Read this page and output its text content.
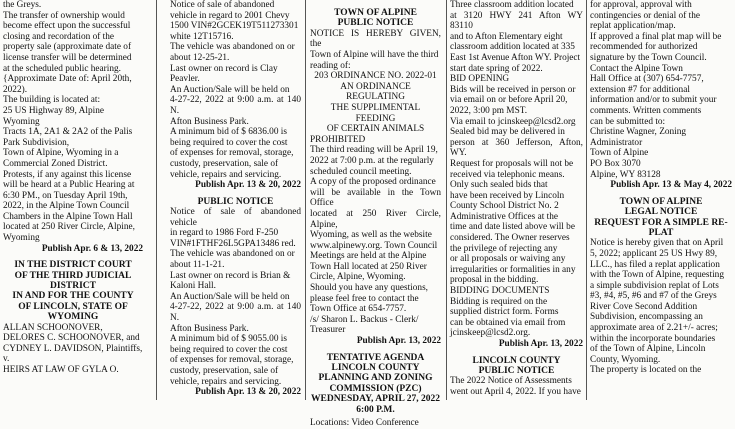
the Greys.
The transfer of ownership would
become effect upon the successful
closing and recordation of the
property sale (approximate date of
license transfer will be determined
at the scheduled public hearing.
{Approximate Date of: April 20th,
2022).
The building is located at:
25 US Highway 89, Alpine
Wyoming
Tracts 1A, 2A1 & 2A2 of the Palis
Park Subdivision,
Town of Alpine, Wyoming in a
Commercial Zoned District.
Protests, if any against this license
will be heard at a Public Hearing at
6:30 PM., on Tuesday April 19th,
2022, in the Alpine Town Council
Chambers in the Alpine Town Hall
located at 250 River Circle, Alpine,
Wyoming
Publish Apr. 6 & 13, 2022
IN THE DISTRICT COURT
OF THE THIRD JUDICIAL
DISTRICT
IN AND FOR THE COUNTY
OF LINCOLN, STATE OF
WYOMING
ALLAN SCHOONOVER,
DELORES C. SCHOONOVER, and
CYDNEY L. DAVIDSON, Plaintiffs,
v.
HEIRS AT LAW OF GYLA O.
Notice of sale of abandoned
vehicle in regard to 2001 Chevy
1500 VIN#2GCEK19T511273301
white 12T15716.
The vehicle was abandoned on or
about 12-25-21.
Last owner on record is Clay
Peavler.
An Auction/Sale will be held on
4-27-22, 2022 at 9:00 a.m. at 140 N.
Afton Business Park.
A minimum bid of $ 6836.00 is
being required to cover the cost
of expenses for removal, storage,
custody, preservation, sale of
vehicle, repairs and servicing.
Publish Apr. 13 & 20, 2022
PUBLIC NOTICE
Notice of sale of abandoned vehicle
in regard to 1986 Ford F-250
VIN#1FTHF26L5GPA13486 red.
The vehicle was abandoned on or
about 11-1-21.
Last owner on record is Brian &
Kaloni Hall.
An Auction/Sale will be held on
4-27-22, 2022 at 9:00 a.m. at 140 N.
Afton Business Park.
A minimum bid of $ 9055.00 is
being required to cover the cost
of expenses for removal, storage,
custody, preservation, sale of
vehicle, repairs and servicing.
Publish Apr. 13 & 20, 2022
TOWN OF ALPINE
PUBLIC NOTICE
NOTICE IS HEREBY GIVEN, the
Town of Alpine will have the third
reading of:
203 ORDINANCE NO. 2022-01
AN ORDINANCE REGULATING
THE SUPPLIMENTAL FEEDING
OF CERTAIN ANIMALS
PROHIBITED
The third reading will be April 19,
2022 at 7:00 p.m. at the regularly
scheduled council meeting.
A copy of the proposed ordinance
will be available in the Town Office
located at 250 River Circle, Alpine,
Wyoming, as well as the website
www.alpinewy.org. Town Council
Meetings are held at the Alpine
Town Hall located at 250 River
Circle, Alpine, Wyoming.
Should you have any questions,
please feel free to contact the
Town Office at 654-7757.
/s/ Sharon L. Backus - Clerk/
Treasurer
Publish Apr. 13, 2022
TENTATIVE AGENDA
LINCOLN COUNTY
PLANNING AND ZONING
COMMISSION (PZC)
WEDNESDAY, APRIL 27, 2022
6:00 P.M.
Locations: Video Conference
Three classroom addition located
at 3120 HWY 241 Afton WY 83110
and to Afton Elementary eight
classroom addition located at 335
East 1st Avenue Afton WY. Project
start date spring of 2022.
BID OPENING
Bids will be received in person or
via email on or before April 20,
2022, 3:00 pm MST.
Via email to jcinskeep@lcsd2.org
Sealed bid may be delivered in
person at 360 Jefferson, Afton, WY.
Request for proposals will not be
received via telephonic means.
Only such sealed bids that
have been received by Lincoln
County School District No. 2
Administrative Offices at the
time and date listed above will be
considered. The Owner reserves
the privilege of rejecting any
or all proposals or waiving any
irregularities or formalities in any
proposal in the bidding.
BIDDING DOCUMENTS
Bidding is required on the
supplied district form. Forms
can be obtained via email from
jcinskeep@lcsd2.org.
Publish Apr. 13, 2022
LINCOLN COUNTY
PUBLIC NOTICE
The 2022 Notice of Assessments
went out April 4, 2022. If you have
for approval, approval with
contingencies or denial of the
replat application/map.
If approved a final plat map will be
recommended for authorized
signature by the Town Council.
Contact the Alpine Town
Hall Office at (307) 654-7757,
extension #7 for additional
information and/or to submit your
comments. Written comments
can be submitted to:
Christine Wagner, Zoning
Administrator
Town of Alpine
PO Box 3070
Alpine, WY 83128
Publish Apr. 13 & May 4, 2022
TOWN OF ALPINE
LEGAL NOTICE
REQUEST FOR A SIMPLE RE-
PLAT
Notice is hereby given that on April
5, 2022; applicant 25 US Hwy 89,
LLC., has filed a replat application
with the Town of Alpine, requesting
a simple subdivision replat of Lots
#3, #4, #5, #6 and #7 of the Greys
River Cove Second Addition
Subdivision, encompassing an
approximate area of 2.21+/- acres;
within the incorporate boundaries
of the Town of Alpine, Lincoln
County, Wyoming.
The property is located on the
